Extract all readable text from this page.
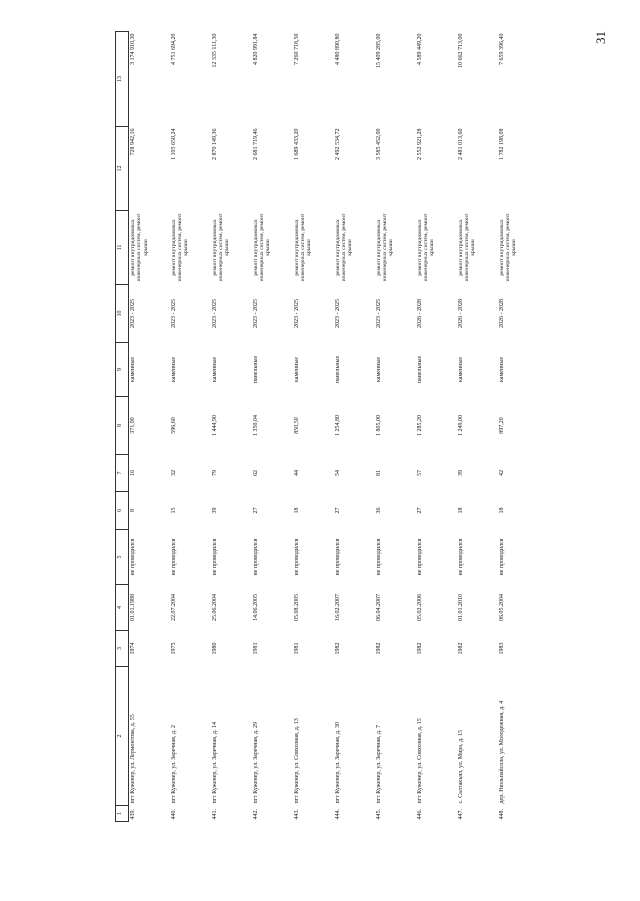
31
1	2	3	4	5	6	7	8	9	10	11	12	13
439.	пгт Куженер, ул. Лермонтова, д. 55	1974	01.01.1988	не проводился	8	16	371,90	каменные	2023 - 2025	ремонт внутридомовых инженерных систем, ремонт крыши	728 942,16	3 174 910,30
440.	пгт Куженер, ул. Заречная, д. 2	1975	22.07.2004	не проводился	15	32	596,60	каменные	2023 - 2025	ремонт внутридомовых инженерных систем, ремонт крыши	1 105 650,24	4 751 694,20
441.	пгт Куженер, ул. Заречная, д. 14	1980	25.06.2004	не проводился	39	79	1 444,90	каменные	2023 - 2025	ремонт внутридомовых инженерных систем, ремонт крыши	2 870 149,36	12 335 111,30
442.	пгт Куженер, ул. Заречная, д. 29	1981	14.06.2005	не проводился	27	62	1 350,04	панельные	2023 - 2025	ремонт внутридомовых инженерных систем, ремонт крыши	2 681 719,46	4 820 991,84
443.	пгт Куженер, ул. Совхозная, д. 13	1981	05.08.2005	не проводился	18	44	850,50	каменные	2023 - 2025	ремонт внутридомовых инженерных систем, ремонт крыши	1 689 433,20	7 260 718,50
444.	пгт Куженер, ул. Заречная, д. 30	1982	16.02.2007	не проводился	27	54	1 254,80	панельные	2023 - 2025	ремонт внутридомовых инженерных систем, ремонт крыши	2 492 534,72	4 480 890,80
445.	пгт Куженер, ул. Заречная, д. 7	1982	06.04.2007	не проводился	36	81	1 805,00	каменные	2023 - 2025	ремонт внутридомовых инженерных систем, ремонт крыши	3 585 452,00	15 409 285,00
446.	пгт Куженер, ул. Совхозная, д. 15	1982	05.02.2006	не проводился	27	57	1 285,20	панельные	2026 - 2028	ремонт внутридомовых инженерных систем, ремонт крыши	2 552 921,28	4 589 449,20
447.	с. Салтакъял, ул. Мира, д. 15	1982	01.01.2010	не проводился	18	39	1 249,00	каменные	2026 - 2028	ремонт внутридомовых инженерных систем, ремонт крыши	2 481 013,60	10 662 713,00
448.	дер. Нюльпайсола, ул. Молодежная, д. 4	1983	06.05.2004	не проводился	18	42	897,20	каменные	2026 - 2028	ремонт внутридомовых инженерных систем, ремонт крыши	1 782 198,08	7 659 396,40
